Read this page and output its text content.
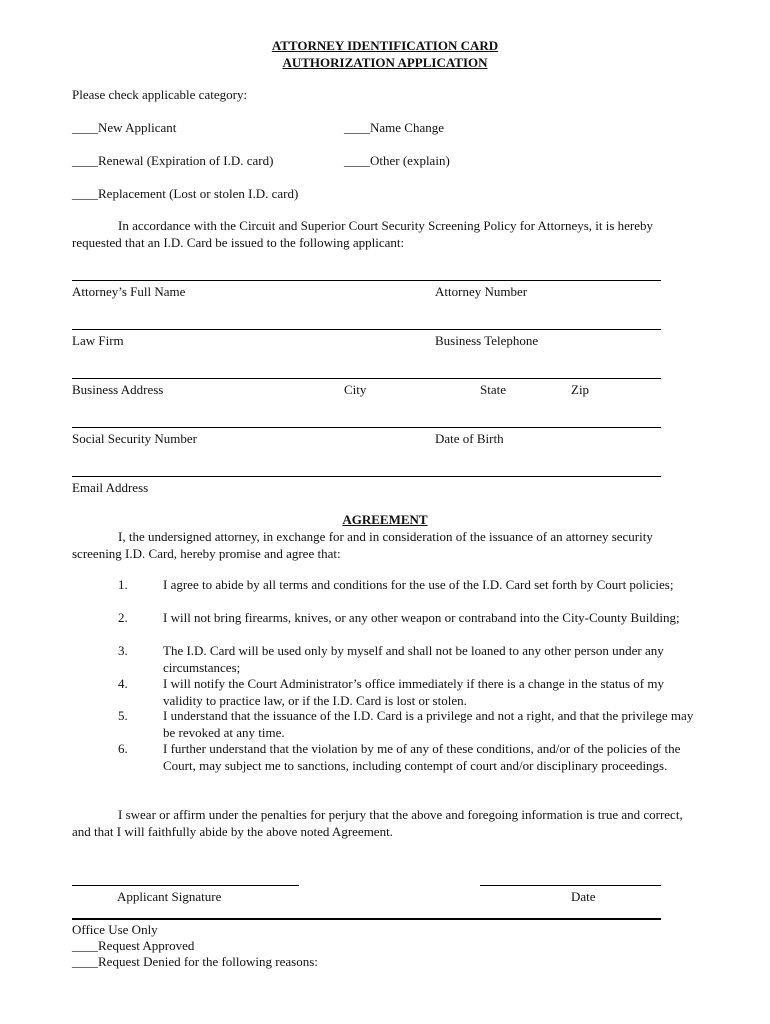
ATTORNEY IDENTIFICATION CARD
AUTHORIZATION APPLICATION
Please check applicable category:
____New Applicant	____Name Change
____Renewal (Expiration of I.D. card)	____Other (explain)
____Replacement (Lost or stolen I.D. card)
In accordance with the Circuit and Superior Court Security Screening Policy for Attorneys, it is hereby requested that an I.D. Card be issued to the following applicant:
Attorney’s Full Name	Attorney Number
Law Firm	Business Telephone
Business Address	City	State	Zip
Social Security Number	Date of Birth
Email Address
AGREEMENT
I, the undersigned attorney, in exchange for and in consideration of the issuance of an attorney security screening I.D. Card, hereby promise and agree that:
1.	I agree to abide by all terms and conditions for the use of the I.D. Card set forth by Court policies;
2.	I will not bring firearms, knives, or any other weapon or contraband into the City-County Building;
3.	The I.D. Card will be used only by myself and shall not be loaned to any other person under any circumstances;
4.	I will notify the Court Administrator’s office immediately if there is a change in the status of my validity to practice law, or if the I.D. Card is lost or stolen.
5.	I understand that the issuance of the I.D. Card is a privilege and not a right, and that the privilege may be revoked at any time.
6.	I further understand that the violation by me of any of these conditions, and/or of the policies of the Court, may subject me to sanctions, including contempt of court and/or disciplinary proceedings.
I swear or affirm under the penalties for perjury that the above and foregoing information is true and correct, and that I will faithfully abide by the above noted Agreement.
Applicant Signature	Date
Office Use Only
____Request Approved
____Request Denied for the following reasons:
